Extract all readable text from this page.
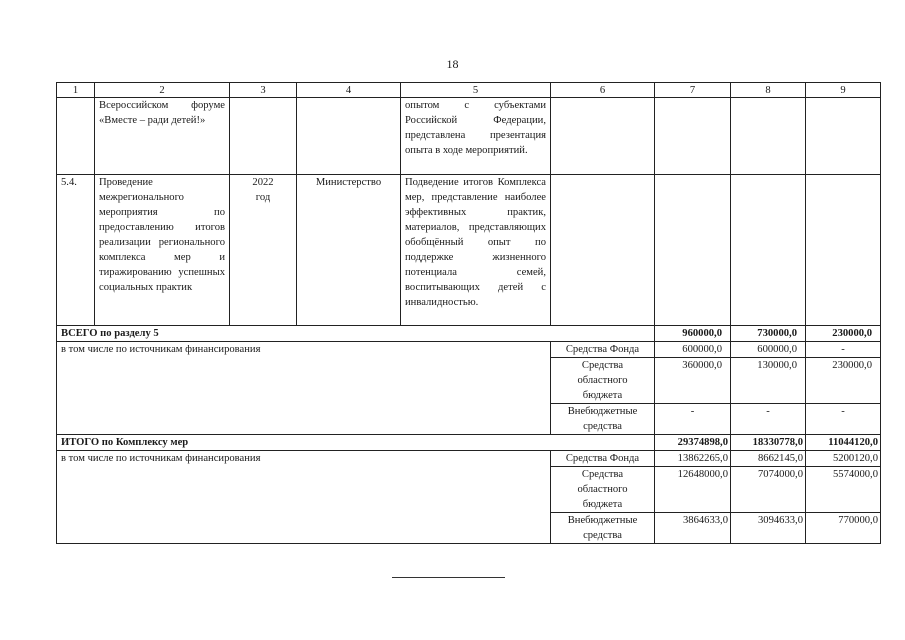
18
1	2	3	4	5	6	7	8	9
	Всероссийском форуме «Вместе – ради детей!»			опытом с субъектами Российской Федерации, представлена презентация опыта в ходе мероприятий.				
5.4.	Проведение межрегионального мероприятия по предоставлению итогов реализации регионального комплекса мер и тиражированию успешных социальных практик	2022 год	Министерство	Подведение итогов Комплекса мер, представление наиболее эффективных практик, материалов, представляющих обобщённый опыт по поддержке жизненного потенциала семей, воспитывающих детей с инвалидностью.				
ВСЕГО по разделу 5						960000,0	730000,0	230000,0
в том числе по источникам финансирования					Средства Фонда	600000,0	600000,0	-
					Средства областного бюджета	360000,0	130000,0	230000,0
					Внебюджетные средства	-	-	-
ИТОГО по Комплексу мер						29374898,0	18330778,0	11044120,0
в том числе по источникам финансирования					Средства Фонда	13862265,0	8662145,0	5200120,0
					Средства областного бюджета	12648000,0	7074000,0	5574000,0
					Внебюджетные средства	3864633,0	3094633,0	770000,0
